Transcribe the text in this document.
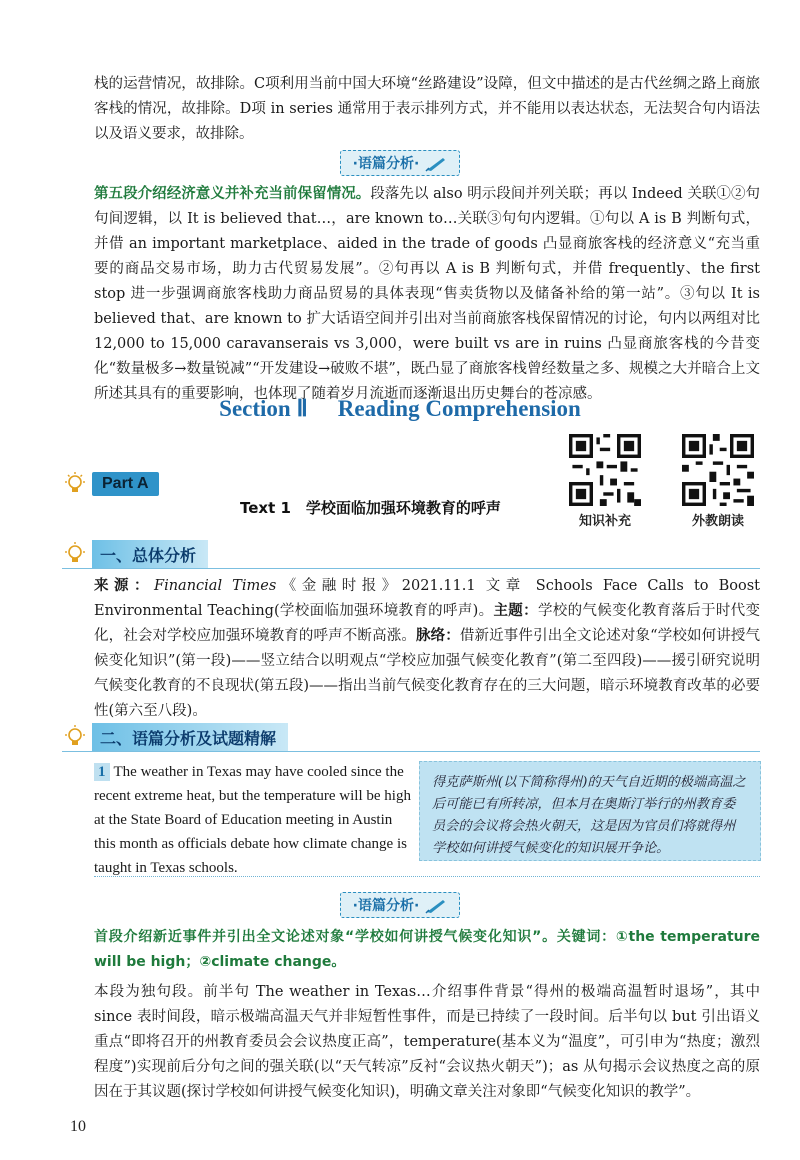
栈的运营情况，故排除。C项利用当前中国大环境“丝路建设”设障，但文中描述的是古代丝绸之路上商旅客栈的情况，故排除。D项 in series 通常用于表示排列方式，并不能用以表达状态，无法契合句内语法以及语义要求，故排除。

·语篇分析·

第五段介绍经济意义并补充当前保留情况。段落先以 also 明示段间并列关联；再以 Indeed 关联①②句句间逻辑，以 It is believed that…，are known to…关联③句句内逻辑。①句以 A is B 判断句式，并借 an important marketplace、aided in the trade of goods 凸显商旅客栈的经济意义“充当重要的商品交易市场，助力古代贸易发展”。②句再以 A is B 判断句式，并借 frequently、the first stop 进一步强调商旅客栈助力商品贸易的具体表现“售卖货物以及储备补给的第一站”。③句以 It is believed that、are known to 扩大话语空间并引出对当前商旅客栈保留情况的讨论，句内以两组对比 12,000 to 15,000 caravanserais vs 3,000，were built vs are in ruins 凸显商旅客栈的今昔变化“数量极多→数量锐减”“开发建设→破败不堪”，既凸显了商旅客栈曾经数量之多、规模之大并暗合上文所述其具有的重要影响，也体现了随着岁月流逝而逐渐退出历史舞台的苍凉感。

Section Ⅱ Reading Comprehension
知识补充	外教朗读
Part A
Text 1　学校面临加强环境教育的呼声
一、总体分析

来源：Financial Times《金融时报》2021.11.1 文章 Schools Face Calls to Boost Environmental Teaching(学校面临加强环境教育的呼声)。主题：学校的气候变化教育落后于时代变化，社会对学校应加强环境教育的呼声不断高涨。脉络：借新近事件引出全文论述对象“学校如何讲授气候变化知识”(第一段)——竖立结合以明观点“学校应加强气候变化教育”(第二至四段)——援引研究说明气候变化教育的不良现状(第五段)——指出当前气候变化教育存在的三大问题，暗示环境教育改革的必要性(第六至八段)。

二、语篇分析及试题精解

1 The weather in Texas may have cooled since the recent extreme heat, but the temperature will be high at the State Board of Education meeting in Austin this month as officials debate how climate change is taught in Texas schools.

得克萨斯州(以下简称得州)的天气自近期的极端高温之后可能已有所转凉，但本月在奥斯汀举行的州教育委员会的会议将会热火朝天，这是因为官员们将就得州学校如何讲授气候变化的知识展开争论。
·语篇分析·

首段介绍新近事件并引出全文论述对象“学校如何讲授气候变化知识”。关键词：①the temperature will be high；②climate change。

本段为独句段。前半句 The weather in Texas…介绍事件背景“得州的极端高温暂时退场”，其中 since 表时间段，暗示极端高温天气并非短暂性事件，而是已持续了一段时间。后半句以 but 引出语义重点“即将召开的州教育委员会会议热度正高”，temperature(基本义为“温度”，可引申为“热度；激烈程度”)实现前后分句之间的强关联(以“天气转凉”反衬“会议热火朝天”)；as 从句揭示会议热度之高的原因在于其议题(探讨学校如何讲授气候变化知识)，明确文章关注对象即“气候变化知识的教学”。

10
